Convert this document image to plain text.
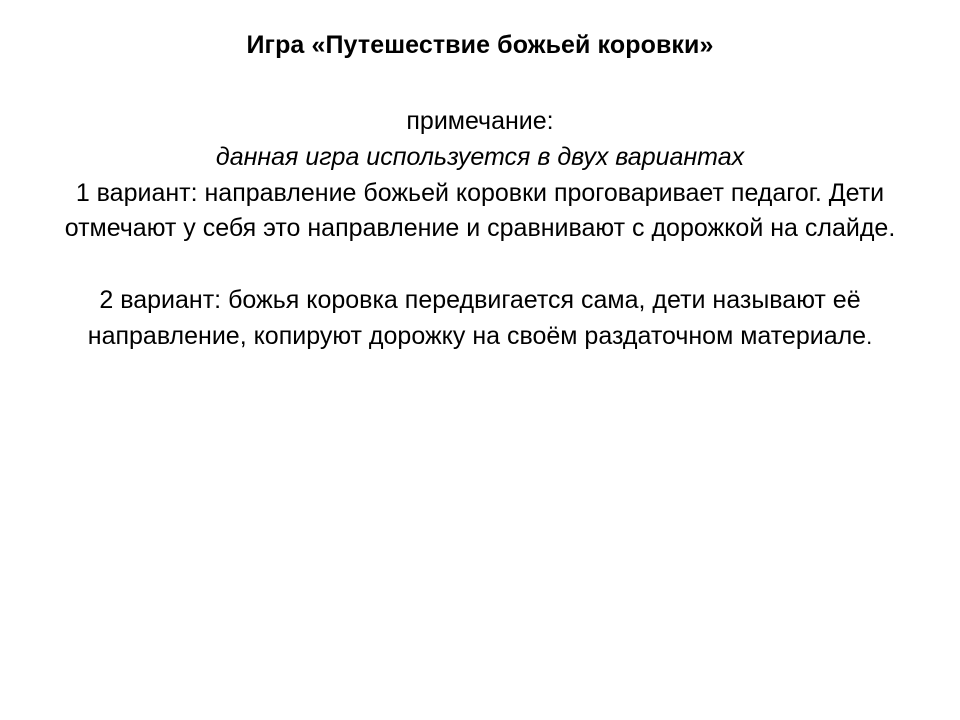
Игра «Путешествие божьей коровки»

примечание:

данная игра используется в двух вариантах

1 вариант: направление божьей коровки проговаривает педагог. Дети отмечают у себя это направление и сравнивают с дорожкой на слайде.

2 вариант: божья коровка передвигается сама, дети называют её направление, копируют дорожку на своём раздаточном материале.
